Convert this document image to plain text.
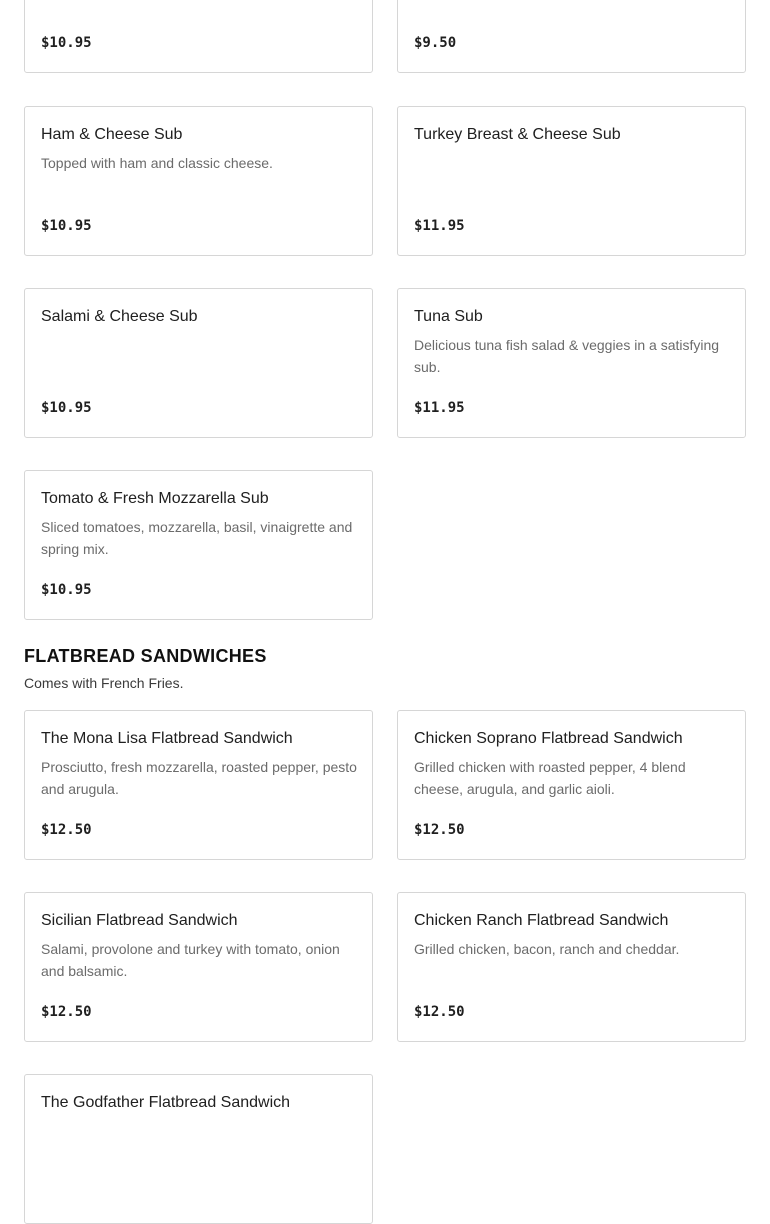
$10.95	$9.50
Ham & Cheese Sub
Topped with ham and classic cheese.
$10.95
Turkey Breast & Cheese Sub
$11.95
Salami & Cheese Sub
$10.95
Tuna Sub
Delicious tuna fish salad & veggies in a satisfying sub.
$11.95
Tomato & Fresh Mozzarella Sub
Sliced tomatoes, mozzarella, basil, vinaigrette and spring mix.
$10.95
FLATBREAD SANDWICHES

Comes with French Fries.

The Mona Lisa Flatbread Sandwich
Prosciutto, fresh mozzarella, roasted pepper, pesto and arugula.
$12.50
Chicken Soprano Flatbread Sandwich
Grilled chicken with roasted pepper, 4 blend cheese, arugula, and garlic aioli.
$12.50
Sicilian Flatbread Sandwich
Salami, provolone and turkey with tomato, onion and balsamic.
$12.50
Chicken Ranch Flatbread Sandwich
Grilled chicken, bacon, ranch and cheddar.
$12.50
The Godfather Flatbread Sandwich
